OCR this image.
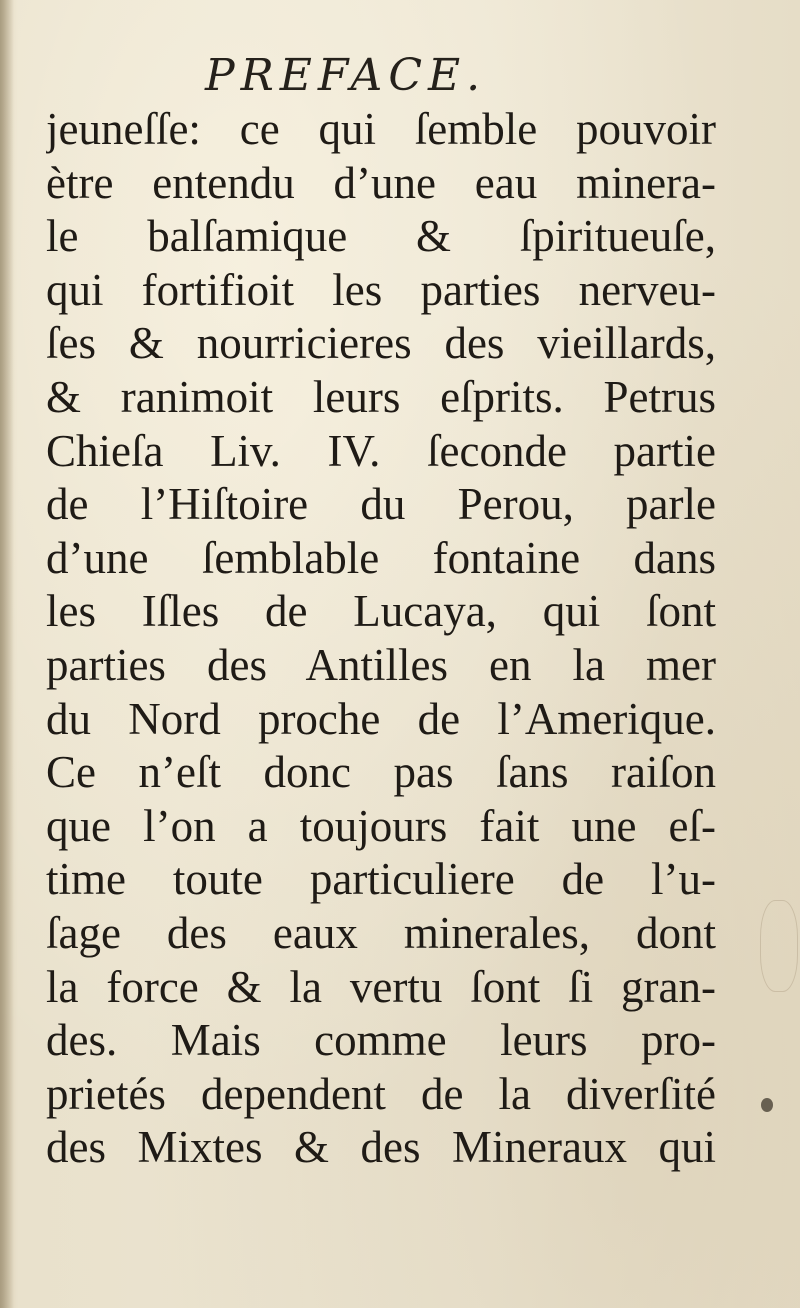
PREFACE.
jeuneſſe: ce qui ſemble pouvoir
ètre entendu d’une eau minera-
le balſamique & ſpiritueuſe,
qui fortifioit les parties nerveu-
ſes & nourricieres des vieillards,
& ranimoit leurs eſprits. Petrus
Chieſa Liv. IV. ſeconde partie
de l’Hiſtoire du Perou, parle
d’une ſemblable fontaine dans
les Iſles de Lucaya, qui ſont
parties des Antilles en la mer
du Nord proche de l’Amerique.
Ce n’eſt donc pas ſans raiſon
que l’on a toujours fait une eſ-
time toute particuliere de l’u-
ſage des eaux minerales, dont
la force & la vertu ſont ſi gran-
des. Mais comme leurs pro-
prietés dependent de la diverſité
des Mixtes & des Mineraux qui
